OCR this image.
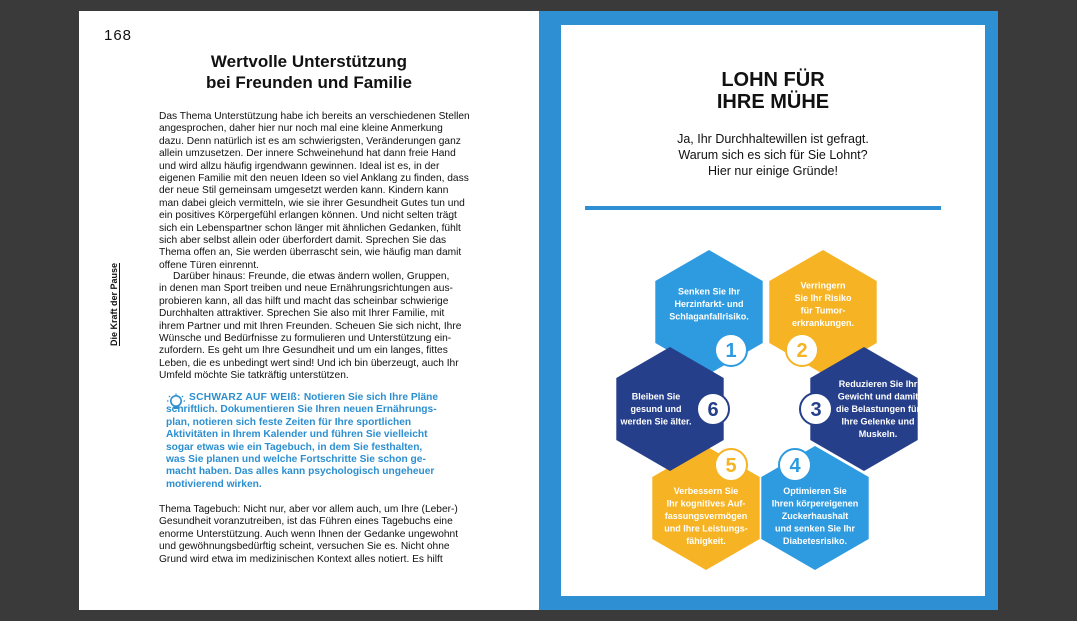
168
Die Kraft der Pause
Wertvolle Unterstützung
bei Freunden und Familie
Das Thema Unterstützung habe ich bereits an verschiedenen Stellen
angesprochen, daher hier nur noch mal eine kleine Anmerkung
dazu. Denn natürlich ist es am schwierigsten, Veränderungen ganz
allein umzusetzen. Der innere Schweinehund hat dann freie Hand
und wird allzu häufig irgendwann gewinnen. Ideal ist es, in der
eigenen Familie mit den neuen Ideen so viel Anklang zu finden, dass
der neue Stil gemeinsam umgesetzt werden kann. Kindern kann
man dabei gleich vermitteln, wie sie ihrer Gesundheit Gutes tun und
ein positives Körpergefühl erlangen können. Und nicht selten trägt
sich ein Lebenspartner schon länger mit ähnlichen Gedanken, fühlt
sich aber selbst allein oder überfordert damit. Sprechen Sie das
Thema offen an, Sie werden überrascht sein, wie häufig man damit
offene Türen einrennt.
Darüber hinaus: Freunde, die etwas ändern wollen, Gruppen,
in denen man Sport treiben und neue Ernährungsrichtungen aus-
probieren kann, all das hilft und macht das scheinbar schwierige
Durchhalten attraktiver. Sprechen Sie also mit Ihrer Familie, mit
ihrem Partner und mit Ihren Freunden. Scheuen Sie sich nicht, Ihre
Wünsche und Bedürfnisse zu formulieren und Unterstützung ein-
zufordern. Es geht um Ihre Gesundheit und um ein langes, fittes
Leben, die es unbedingt wert sind! Und ich bin überzeugt, auch Ihr
Umfeld möchte Sie tatkräftig unterstützen.
SCHWARZ AUF WEIß: Notieren Sie sich Ihre Pläne
schriftlich. Dokumentieren Sie Ihren neuen Ernährungs-
plan, notieren sich feste Zeiten für Ihre sportlichen
Aktivitäten in Ihrem Kalender und führen Sie vielleicht
sogar etwas wie ein Tagebuch, in dem Sie festhalten,
was Sie planen und welche Fortschritte Sie schon ge-
macht haben. Das alles kann psychologisch ungeheuer
motivierend wirken.
Thema Tagebuch: Nicht nur, aber vor allem auch, um Ihre (Leber-)
Gesundheit voranzutreiben, ist das Führen eines Tagebuchs eine
enorme Unterstützung. Auch wenn Ihnen der Gedanke ungewohnt
und gewöhnungsbedürftig scheint, versuchen Sie es. Nicht ohne
Grund wird etwa im medizinischen Kontext alles notiert. Es hilft
LOHN FÜR
IHRE MÜHE
Ja, Ihr Durchhaltewillen ist gefragt.
Warum sich es sich für Sie Lohnt?
Hier nur einige Gründe!
Senken Sie Ihr
Herzinfarkt- und
Schlaganfallrisiko.
1
Verringern
Sie Ihr Risiko
für Tumor-
erkrankungen.
2
Reduzieren Sie Ihr
Gewicht und damit
die Belastungen für
Ihre Gelenke und
Muskeln.
3
Optimieren Sie
Ihren körpereigenen
Zuckerhaushalt
und senken Sie Ihr
Diabetesrisiko.
4
Verbessern Sie
Ihr kognitives Auf-
fassungsvermögen
und Ihre Leistungs-
fähigkeit.
5
Bleiben Sie
gesund und
werden Sie älter.
6
